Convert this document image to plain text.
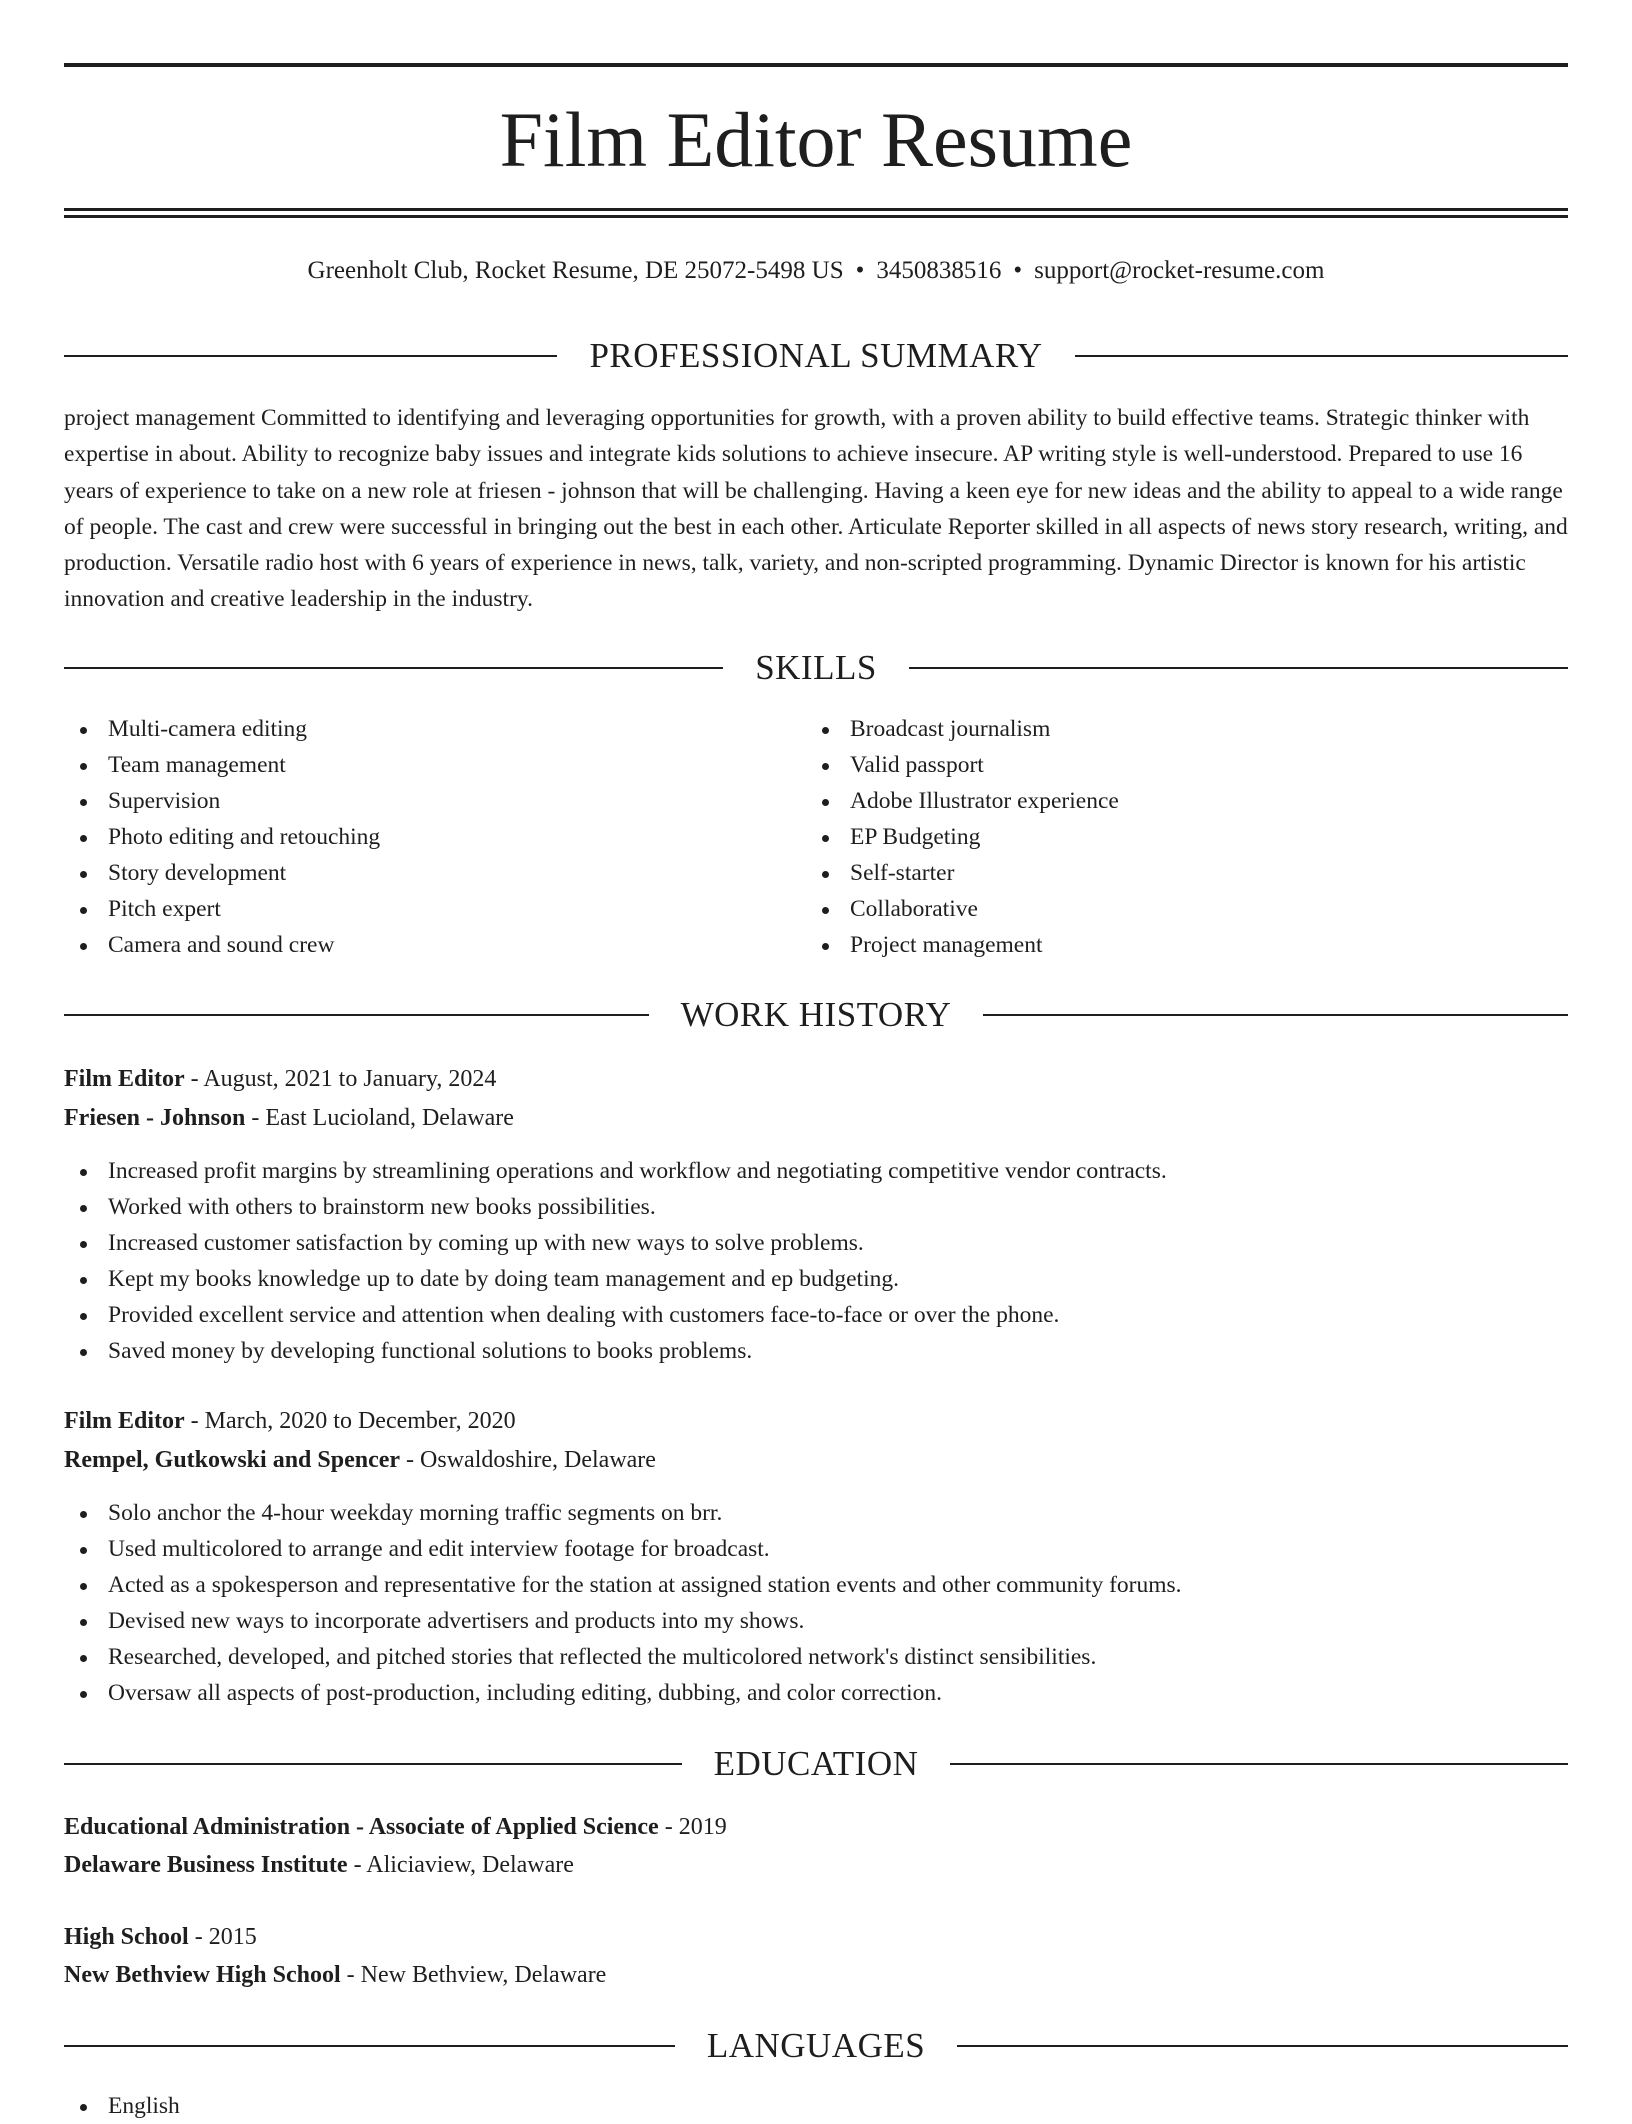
Film Editor Resume
Greenholt Club, Rocket Resume, DE 25072-5498 US • 3450838516 • support@rocket-resume.com
PROFESSIONAL SUMMARY

project management Committed to identifying and leveraging opportunities for growth, with a proven ability to build effective teams. Strategic thinker with expertise in about. Ability to recognize baby issues and integrate kids solutions to achieve insecure. AP writing style is well-understood. Prepared to use 16 years of experience to take on a new role at friesen - johnson that will be challenging. Having a keen eye for new ideas and the ability to appeal to a wide range of people. The cast and crew were successful in bringing out the best in each other. Articulate Reporter skilled in all aspects of news story research, writing, and production. Versatile radio host with 6 years of experience in news, talk, variety, and non-scripted programming. Dynamic Director is known for his artistic innovation and creative leadership in the industry.

SKILLS
Multi-camera editing
Team management
Supervision
Photo editing and retouching
Story development
Pitch expert
Camera and sound crew
Broadcast journalism
Valid passport
Adobe Illustrator experience
EP Budgeting
Self-starter
Collaborative
Project management
WORK HISTORY
Film Editor - August, 2021 to January, 2024
Friesen - Johnson - East Lucioland, Delaware
Increased profit margins by streamlining operations and workflow and negotiating competitive vendor contracts.
Worked with others to brainstorm new books possibilities.
Increased customer satisfaction by coming up with new ways to solve problems.
Kept my books knowledge up to date by doing team management and ep budgeting.
Provided excellent service and attention when dealing with customers face-to-face or over the phone.
Saved money by developing functional solutions to books problems.
Film Editor - March, 2020 to December, 2020
Rempel, Gutkowski and Spencer - Oswaldoshire, Delaware
Solo anchor the 4-hour weekday morning traffic segments on brr.
Used multicolored to arrange and edit interview footage for broadcast.
Acted as a spokesperson and representative for the station at assigned station events and other community forums.
Devised new ways to incorporate advertisers and products into my shows.
Researched, developed, and pitched stories that reflected the multicolored network's distinct sensibilities.
Oversaw all aspects of post-production, including editing, dubbing, and color correction.
EDUCATION
Educational Administration - Associate of Applied Science - 2019
Delaware Business Institute - Aliciaview, Delaware
High School - 2015
New Bethview High School - New Bethview, Delaware
LANGUAGES
English
